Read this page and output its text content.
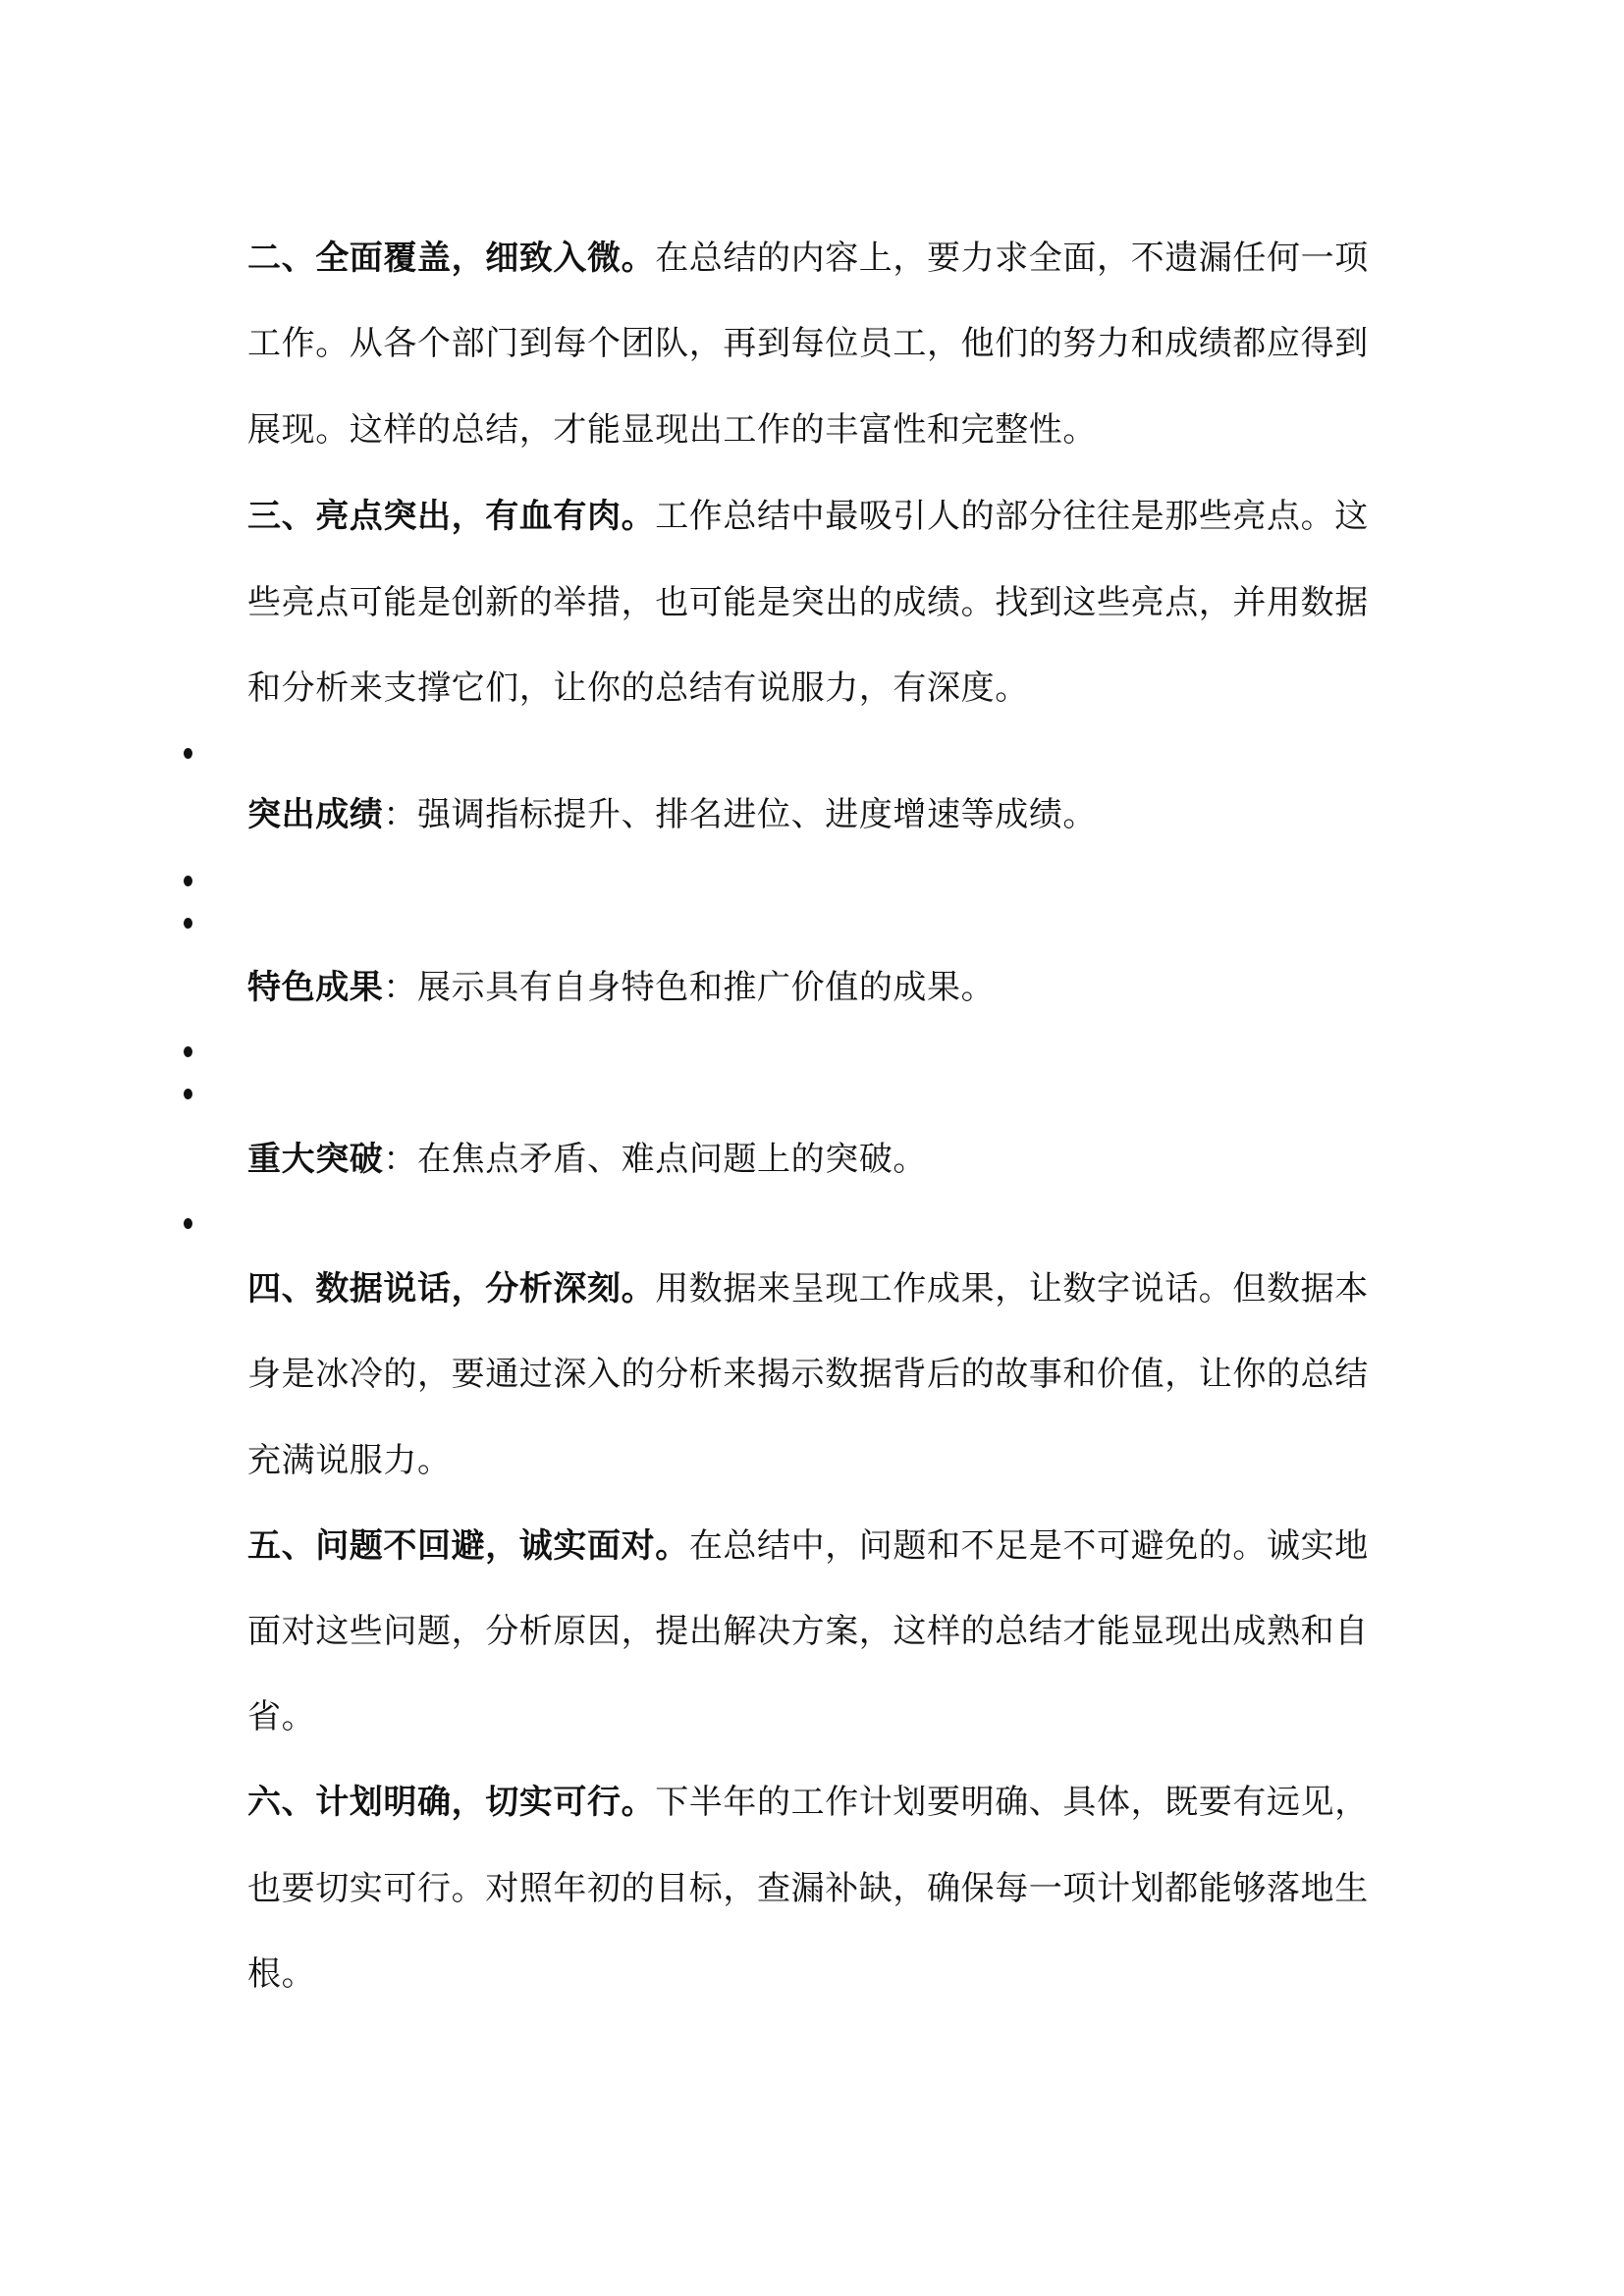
二、全面覆盖，细致入微。在总结的内容上，要力求全面，不遗漏任何一项
工作。从各个部门到每个团队，再到每位员工，他们的努力和成绩都应得到
展现。这样的总结，才能显现出工作的丰富性和完整性。
三、亮点突出，有血有肉。工作总结中最吸引人的部分往往是那些亮点。这
些亮点可能是创新的举措，也可能是突出的成绩。找到这些亮点，并用数据
和分析来支撑它们，让你的总结有说服力，有深度。
突出成绩：强调指标提升、排名进位、进度增速等成绩。
特色成果：展示具有自身特色和推广价值的成果。
重大突破：在焦点矛盾、难点问题上的突破。
四、数据说话，分析深刻。用数据来呈现工作成果，让数字说话。但数据本
身是冰冷的，要通过深入的分析来揭示数据背后的故事和价值，让你的总结
充满说服力。
五、问题不回避，诚实面对。在总结中，问题和不足是不可避免的。诚实地
面对这些问题，分析原因，提出解决方案，这样的总结才能显现出成熟和自
省。
六、计划明确，切实可行。下半年的工作计划要明确、具体，既要有远见，
也要切实可行。对照年初的目标，查漏补缺，确保每一项计划都能够落地生
根。
